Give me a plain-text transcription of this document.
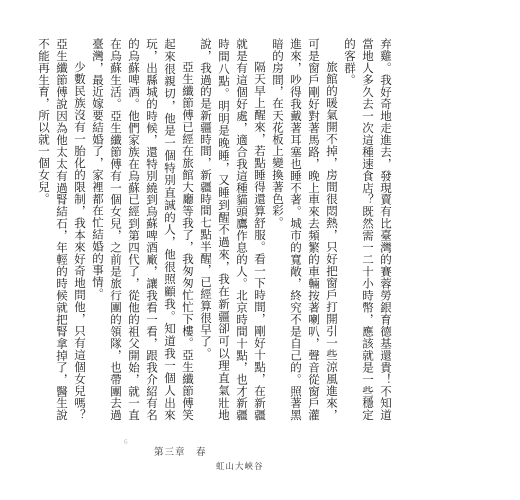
弃雞。我好奇地走進去，發現賣有比臺灣的賽蓉勞銀育德基還貴！不知道當地人多久去一次這種速食店？既然需一二十小時幣，應該就是一些穩定的客群。

旅館的暖氣開不掉，房間很悶熱，只好把窗戶打開引一些涼風進來，可是窗戶剛好對著馬路，晚上車來去頻繁的車輛按著喇叭，聲音從窗戶灌進來，吵得我戴著耳塞也睡不著。城市的寬敞，終究不是自己的。照著黑暗的房間，在天花板上變換著色彩。

隔天早上醒來，若點睡得還算舒服。看一下時間，剛好十點，在新疆就是有這個好處，適合我這種貓頭鷹作息的人。北京時間十點，也才新疆時間八點。明明是晚睡，又睡到醒不過來，我在新疆卻可以理直氣壯地說，我過的是新疆時間，新疆時間七點半醒，已經算很早了。

亞生纖節傅已經在旅館大廳等我了，我匆匆忙忙下樓。亞生纖節傅笑起來很親切，他是一個特別直誠的人，他很照顧我。知道我一個人出來玩，出縣城的時候，還特別繞到烏蘇啤酒廠，讓我看一看，跟我介紹有名的烏蘇啤酒。他們家族在烏蘇已經到第四代了，從他的祖父開始，就一直在烏蘇生活。亞生纖節傅有一個女兒，之前是旅行團的領隊，也帶團去過臺灣，最近嫁要結婚了，家裡都在忙結婚的事情。

少數民族沒有一胎化的限制，我本來好奇地問他，只有這個女兒嗎？亞生纖節傅說因為他太太有過腎結石，年輕的時候就把腎拿掉了，醫生說不能再生育，所以就一個女兒。

6
第三章　春
虹山大峽谷
